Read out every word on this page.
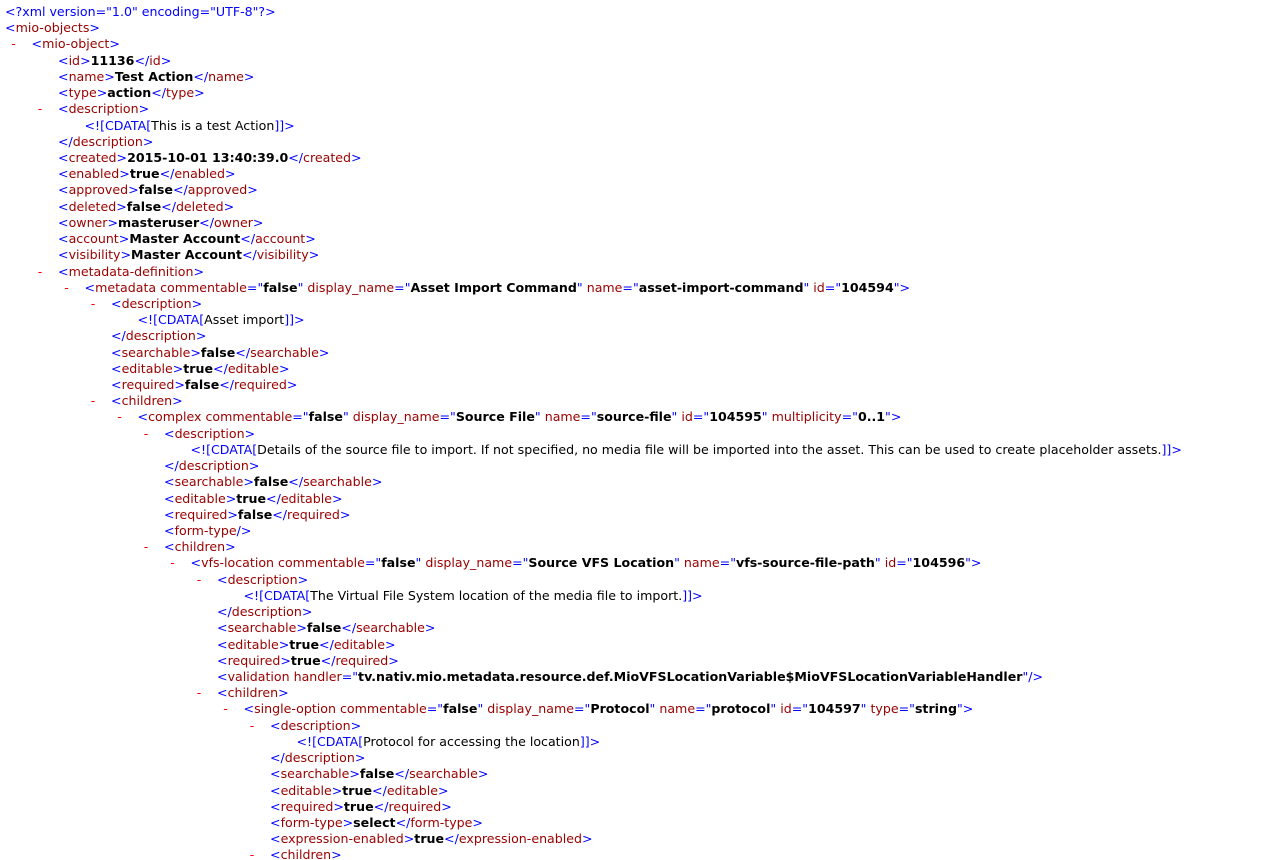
<?xml version="1.0" encoding="UTF-8"?>
<mio-objects>
- <mio-object>
<id>11136</id>
<name>Test Action</name>
<type>action</type>
- <description>
<![CDATA[This is a test Action]]>
</description>
<created>2015-10-01 13:40:39.0</created>
<enabled>true</enabled>
<approved>false</approved>
<deleted>false</deleted>
<owner>masteruser</owner>
<account>Master Account</account>
<visibility>Master Account</visibility>
- <metadata-definition>
- <metadata commentable="false" display_name="Asset Import Command" name="asset-import-command" id="104594">
- <description>
<![CDATA[Asset import]]>
</description>
<searchable>false</searchable>
<editable>true</editable>
<required>false</required>
- <children>
- <complex commentable="false" display_name="Source File" name="source-file" id="104595" multiplicity="0..1">
- <description>
<![CDATA[Details of the source file to import. If not specified, no media file will be imported into the asset. This can be used to create placeholder assets.]]>
</description>
<searchable>false</searchable>
<editable>true</editable>
<required>false</required>
<form-type/>
- <children>
- <vfs-location commentable="false" display_name="Source VFS Location" name="vfs-source-file-path" id="104596">
- <description>
<![CDATA[The Virtual File System location of the media file to import.]]>
</description>
<searchable>false</searchable>
<editable>true</editable>
<required>true</required>
<validation handler="tv.nativ.mio.metadata.resource.def.MioVFSLocationVariable$MioVFSLocationVariableHandler"/>
- <children>
- <single-option commentable="false" display_name="Protocol" name="protocol" id="104597" type="string">
- <description>
<![CDATA[Protocol for accessing the location]]>
</description>
<searchable>false</searchable>
<editable>true</editable>
<required>true</required>
<form-type>select</form-type>
<expression-enabled>true</expression-enabled>
- <children>
